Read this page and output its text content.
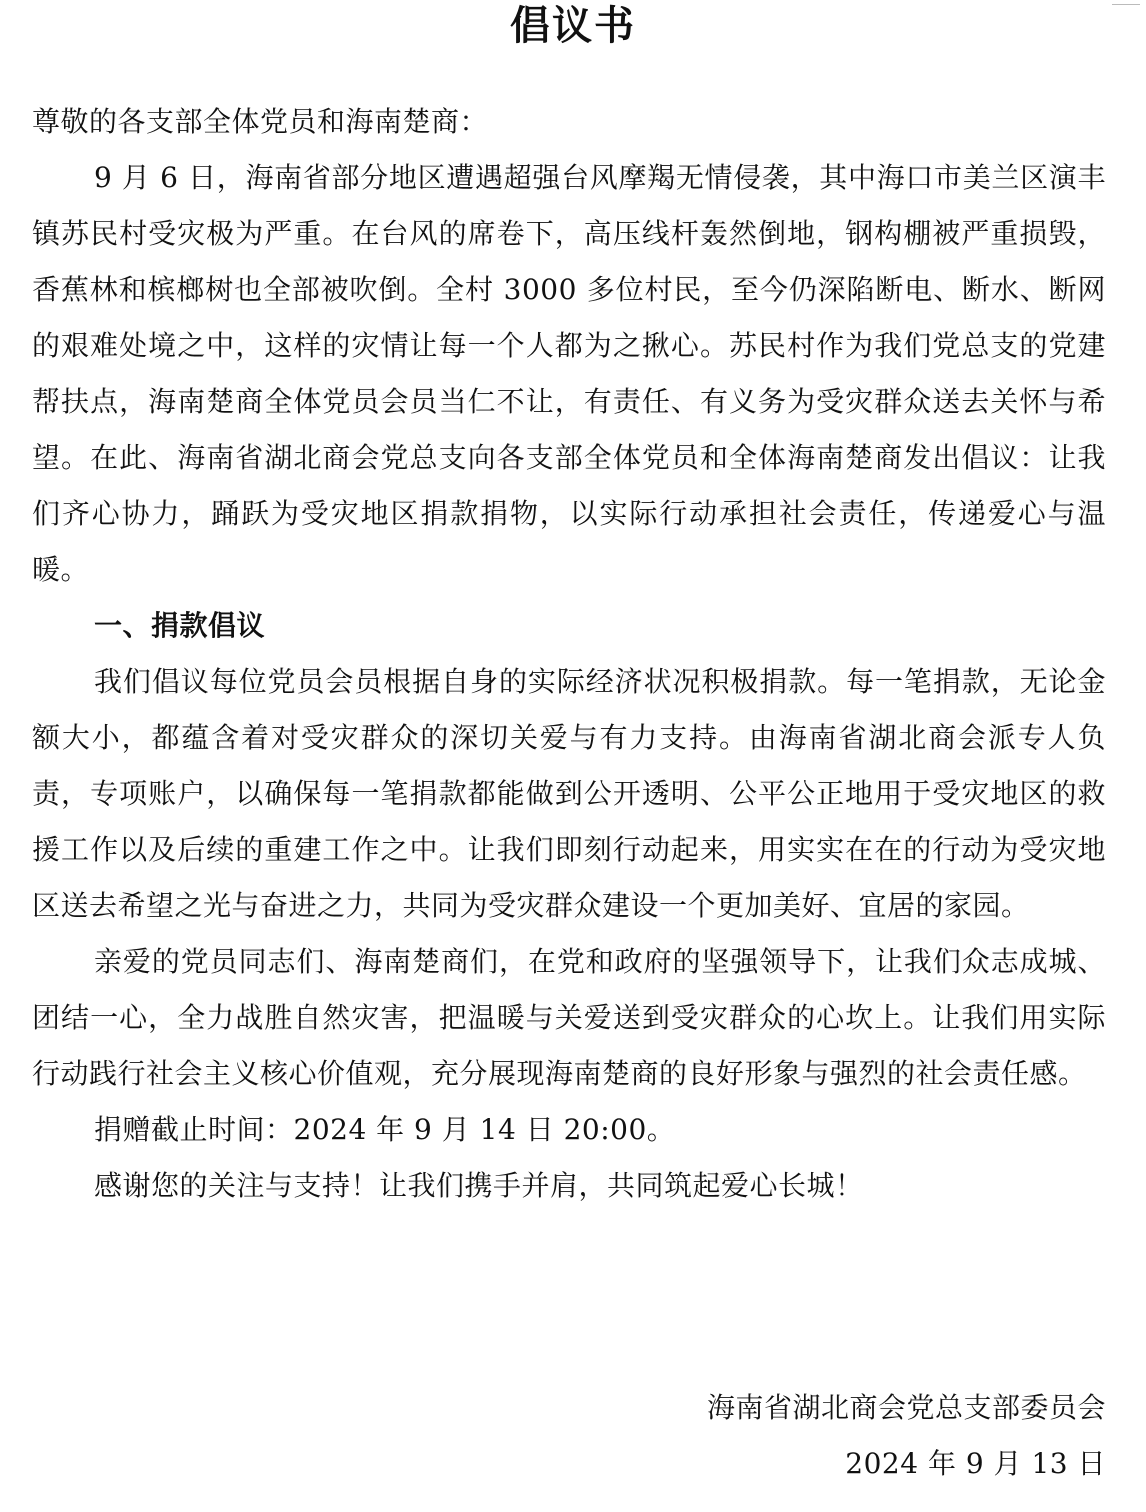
倡议书

尊敬的各支部全体党员和海南楚商：

9 月 6 日，海南省部分地区遭遇超强台风摩羯无情侵袭，其中海口市美兰区演丰镇苏民村受灾极为严重。在台风的席卷下，高压线杆轰然倒地，钢构棚被严重损毁，香蕉林和槟榔树也全部被吹倒。全村 3000 多位村民，至今仍深陷断电、断水、断网的艰难处境之中，这样的灾情让每一个人都为之揪心。苏民村作为我们党总支的党建帮扶点，海南楚商全体党员会员当仁不让，有责任、有义务为受灾群众送去关怀与希望。在此、海南省湖北商会党总支向各支部全体党员和全体海南楚商发出倡议：让我们齐心协力，踊跃为受灾地区捐款捐物，以实际行动承担社会责任，传递爱心与温暖。

一、捐款倡议

我们倡议每位党员会员根据自身的实际经济状况积极捐款。每一笔捐款，无论金额大小，都蕴含着对受灾群众的深切关爱与有力支持。由海南省湖北商会派专人负责，专项账户，以确保每一笔捐款都能做到公开透明、公平公正地用于受灾地区的救援工作以及后续的重建工作之中。让我们即刻行动起来，用实实在在的行动为受灾地区送去希望之光与奋进之力，共同为受灾群众建设一个更加美好、宜居的家园。

亲爱的党员同志们、海南楚商们，在党和政府的坚强领导下，让我们众志成城、团结一心，全力战胜自然灾害，把温暖与关爱送到受灾群众的心坎上。让我们用实际行动践行社会主义核心价值观，充分展现海南楚商的良好形象与强烈的社会责任感。

捐赠截止时间：2024 年 9 月 14 日 20:00。

感谢您的关注与支持！让我们携手并肩，共同筑起爱心长城！

海南省湖北商会党总支部委员会
2024 年 9 月 13 日
